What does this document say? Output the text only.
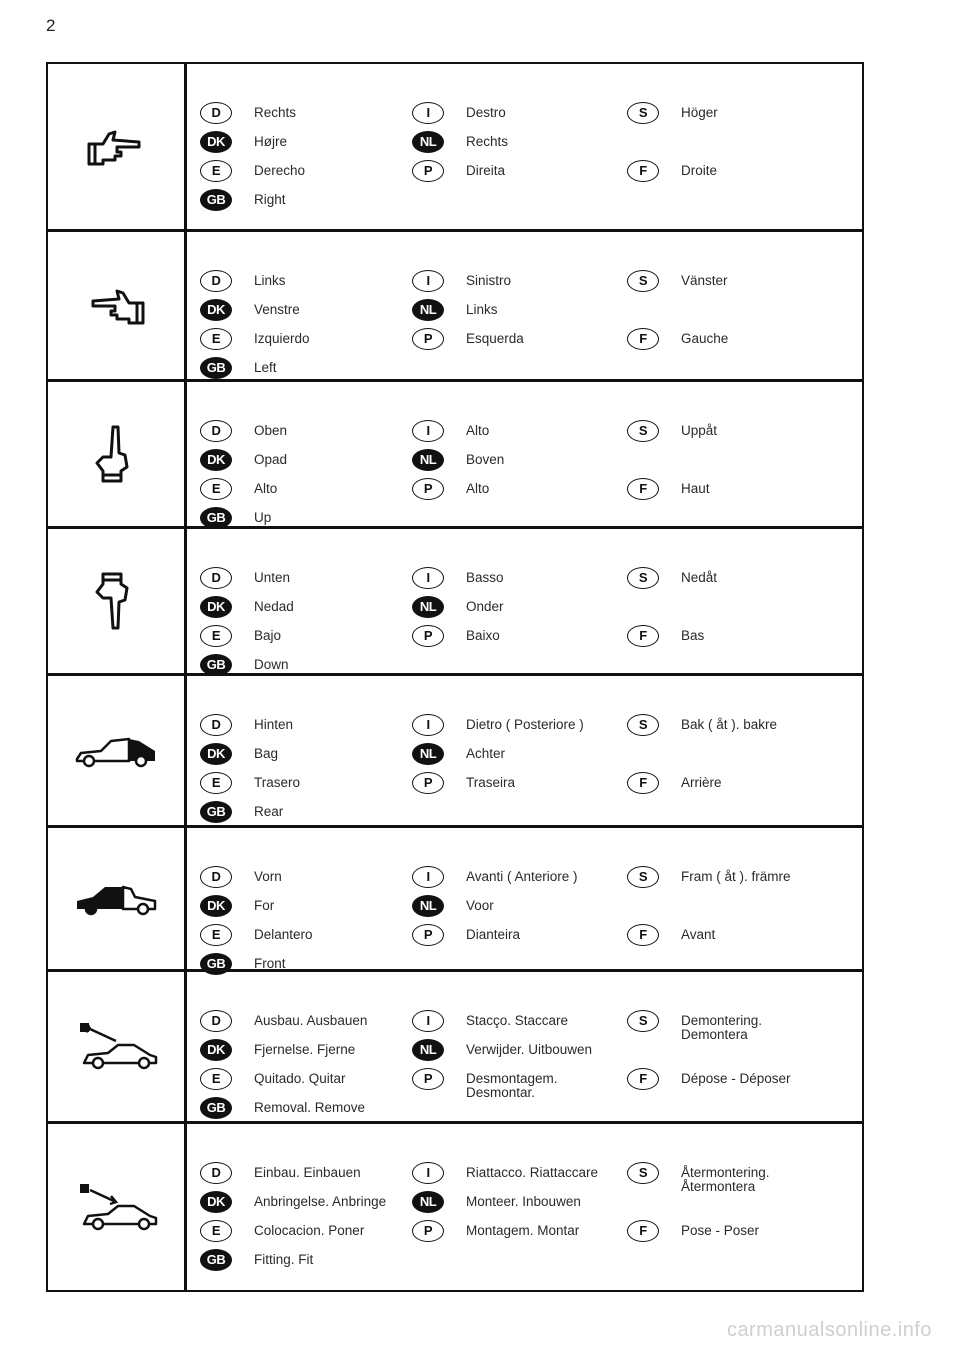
2
D	Rechts
DK	Højre
E	Derecho
GB	Right
I	Destro
NL	Rechts
P	Direita
S	Höger
F	Droite
D	Links
DK	Venstre
E	Izquierdo
GB	Left
I	Sinistro
NL	Links
P	Esquerda
S	Vänster
F	Gauche
D	Oben
DK	Opad
E	Alto
GB	Up
I	Alto
NL	Boven
P	Alto
S	Uppåt
F	Haut
D	Unten
DK	Nedad
E	Bajo
GB	Down
I	Basso
NL	Onder
P	Baixo
S	Nedåt
F	Bas
D	Hinten
DK	Bag
E	Trasero
GB	Rear
I	Dietro ( Posteriore )
NL	Achter
P	Traseira
S	Bak ( åt ). bakre
F	Arrière
D	Vorn
DK	For
E	Delantero
GB	Front
I	Avanti ( Anteriore )
NL	Voor
P	Dianteira
S	Fram ( åt ). främre
F	Avant
D	Ausbau. Ausbauen
DK	Fjernelse. Fjerne
E	Quitado. Quitar
GB	Removal. Remove
I	Stacço. Staccare
NL	Verwijder. Uitbouwen
P	Desmontagem.
Desmontar.
S	Demontering.
Demontera
F	Dépose - Déposer
D	Einbau. Einbauen
DK	Anbringelse. Anbringe
E	Colocacion. Poner
GB	Fitting. Fit
I	Riattacco. Riattaccare
NL	Monteer. Inbouwen
P	Montagem. Montar
S	Återmontering.
Återmontera
F	Pose - Poser
carmanualsonline.info
